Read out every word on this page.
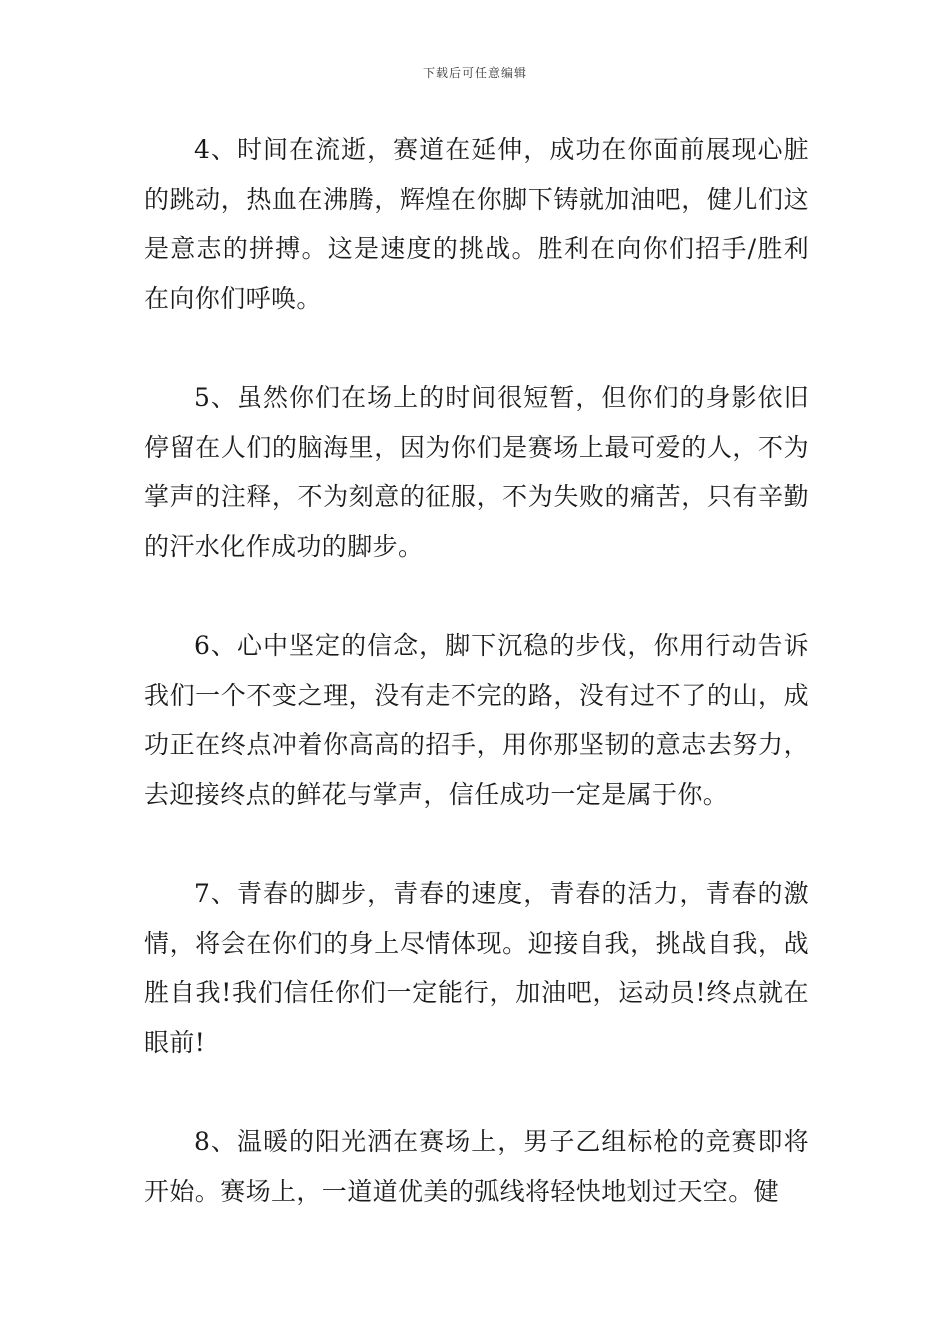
下载后可任意编辑

4、时间在流逝，赛道在延伸，成功在你面前展现心脏的跳动，热血在沸腾，辉煌在你脚下铸就加油吧，健儿们这是意志的拼搏。这是速度的挑战。胜利在向你们招手/胜利在向你们呼唤。

5、虽然你们在场上的时间很短暂，但你们的身影依旧停留在人们的脑海里，因为你们是赛场上最可爱的人，不为掌声的注释，不为刻意的征服，不为失败的痛苦，只有辛勤的汗水化作成功的脚步。

6、心中坚定的信念，脚下沉稳的步伐，你用行动告诉我们一个不变之理，没有走不完的路，没有过不了的山，成功正在终点冲着你高高的招手，用你那坚韧的意志去努力，去迎接终点的鲜花与掌声，信任成功一定是属于你。

7、青春的脚步，青春的速度，青春的活力，青春的激情，将会在你们的身上尽情体现。迎接自我，挑战自我，战胜自我!我们信任你们一定能行，加油吧，运动员!终点就在眼前!

8、温暖的阳光洒在赛场上，男子乙组标枪的竞赛即将开始。赛场上，一道道优美的弧线将轻快地划过天空。健
